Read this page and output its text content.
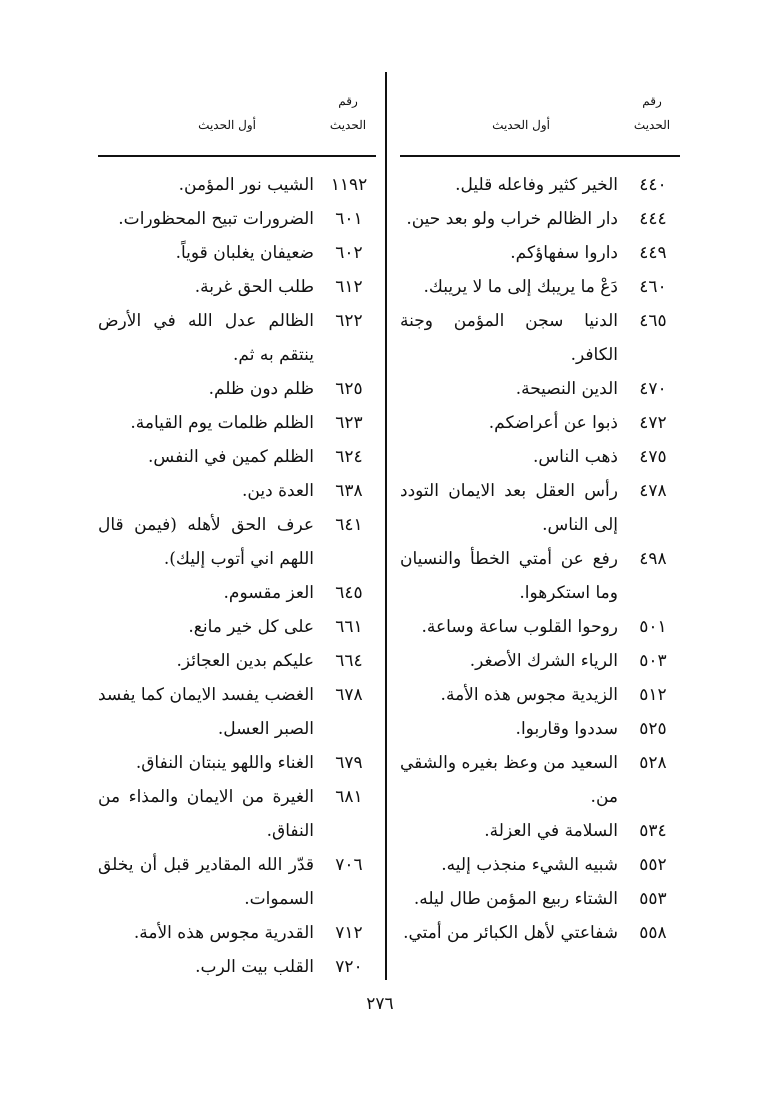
رقم
الحديث
أول الحديث
٤٤٠
الخير كثير وفاعله قليل.
٤٤٤
دار الظالم خراب ولو بعد حين.
٤٤٩
داروا سفهاؤكم.
٤٦٠
دَعْ ما يريبك إلى ما لا يريبك.
٤٦٥
الدنيا سجن المؤمن وجنة الكافر.
٤٧٠
الدين النصيحة.
٤٧٢
ذبوا عن أعراضكم.
٤٧٥
ذهب الناس.
٤٧٨
رأس العقل بعد الايمان التودد إلى الناس.
٤٩٨
رفع عن أمتي الخطأ والنسيان وما استكرهوا.
٥٠١
روحوا القلوب ساعة وساعة.
٥٠٣
الرياء الشرك الأصغر.
٥١٢
الزيدية مجوس هذه الأمة.
٥٢٥
سددوا وقاربوا.
٥٢٨
السعيد من وعظ بغيره والشقي من.
٥٣٤
السلامة في العزلة.
٥٥٢
شبيه الشيء منجذب إليه.
٥٥٣
الشتاء ربيع المؤمن طال ليله.
٥٥٨
شفاعتي لأهل الكبائر من أمتي.
رقم
الحديث
أول الحديث
١١٩٢
الشيب نور المؤمن.
٦٠١
الضرورات تبيح المحظورات.
٦٠٢
ضعيفان يغلبان قوياً.
٦١٢
طلب الحق غربة.
٦٢٢
الظالم عدل الله في الأرض ينتقم به ثم.
٦٢٥
ظلم دون ظلم.
٦٢٣
الظلم ظلمات يوم القيامة.
٦٢٤
الظلم كمين في النفس.
٦٣٨
العدة دين.
٦٤١
عرف الحق لأهله (فيمن قال اللهم اني أتوب إليك).
٦٤٥
العز مقسوم.
٦٦١
على كل خير مانع.
٦٦٤
عليكم بدين العجائز.
٦٧٨
الغضب يفسد الايمان كما يفسد الصبر العسل.
٦٧٩
الغناء واللهو ينبتان النفاق.
٦٨١
الغيرة من الايمان والمذاء من النفاق.
٧٠٦
قدّر الله المقادير قبل أن يخلق السموات.
٧١٢
القدرية مجوس هذه الأمة.
٧٢٠
القلب بيت الرب.
٢٧٦
